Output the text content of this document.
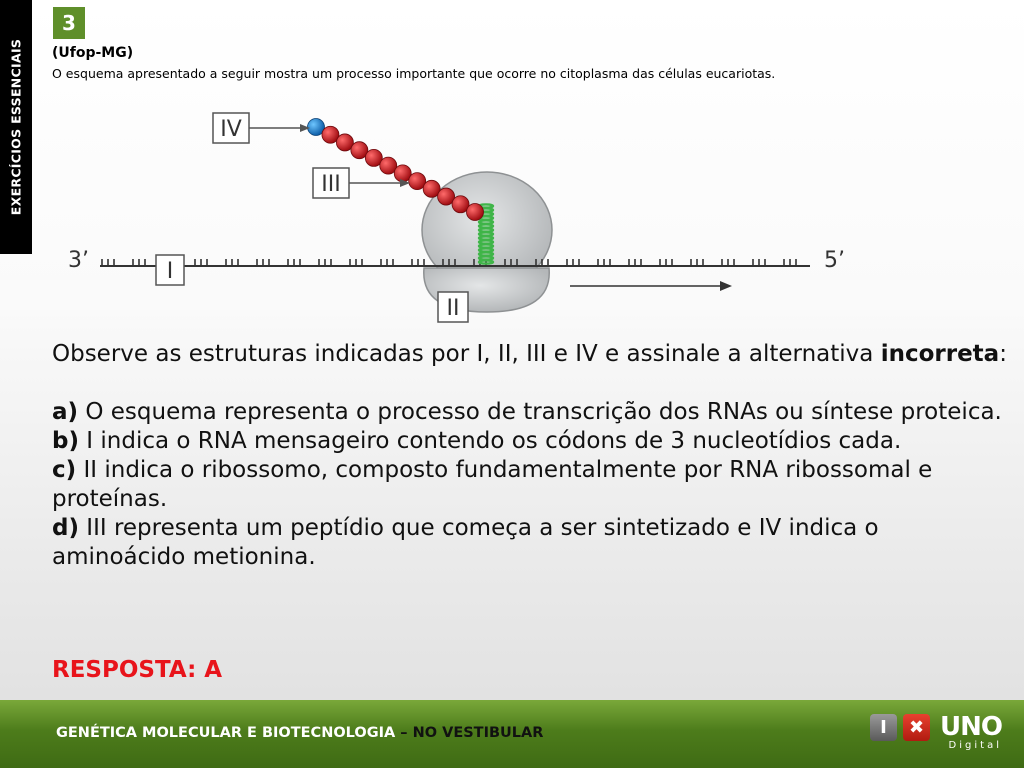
EXERCÍCIOS ESSENCIAIS
3
(Ufop-MG)
O esquema apresentado a seguir mostra um processo importante que ocorre no citoplasma das células eucariotas.
IV
III
I
II
3’	5’

Observe as estruturas indicadas por I, II, III e IV e assinale a alternativa incorreta:

a) O esquema representa o processo de transcrição dos RNAs ou síntese proteica.

b) I indica o RNA mensageiro contendo os códons de 3 nucleotídios cada.

c) II indica o ribossomo, composto fundamentalmente por RNA ribossomal e proteínas.

d) III representa um peptídio que começa a ser sintetizado e IV indica o aminoácido metionina.

RESPOSTA: A
GENÉTICA MOLECULAR E BIOTECNOLOGIA – NO VESTIBULAR	I	✖ UNO
Digital
